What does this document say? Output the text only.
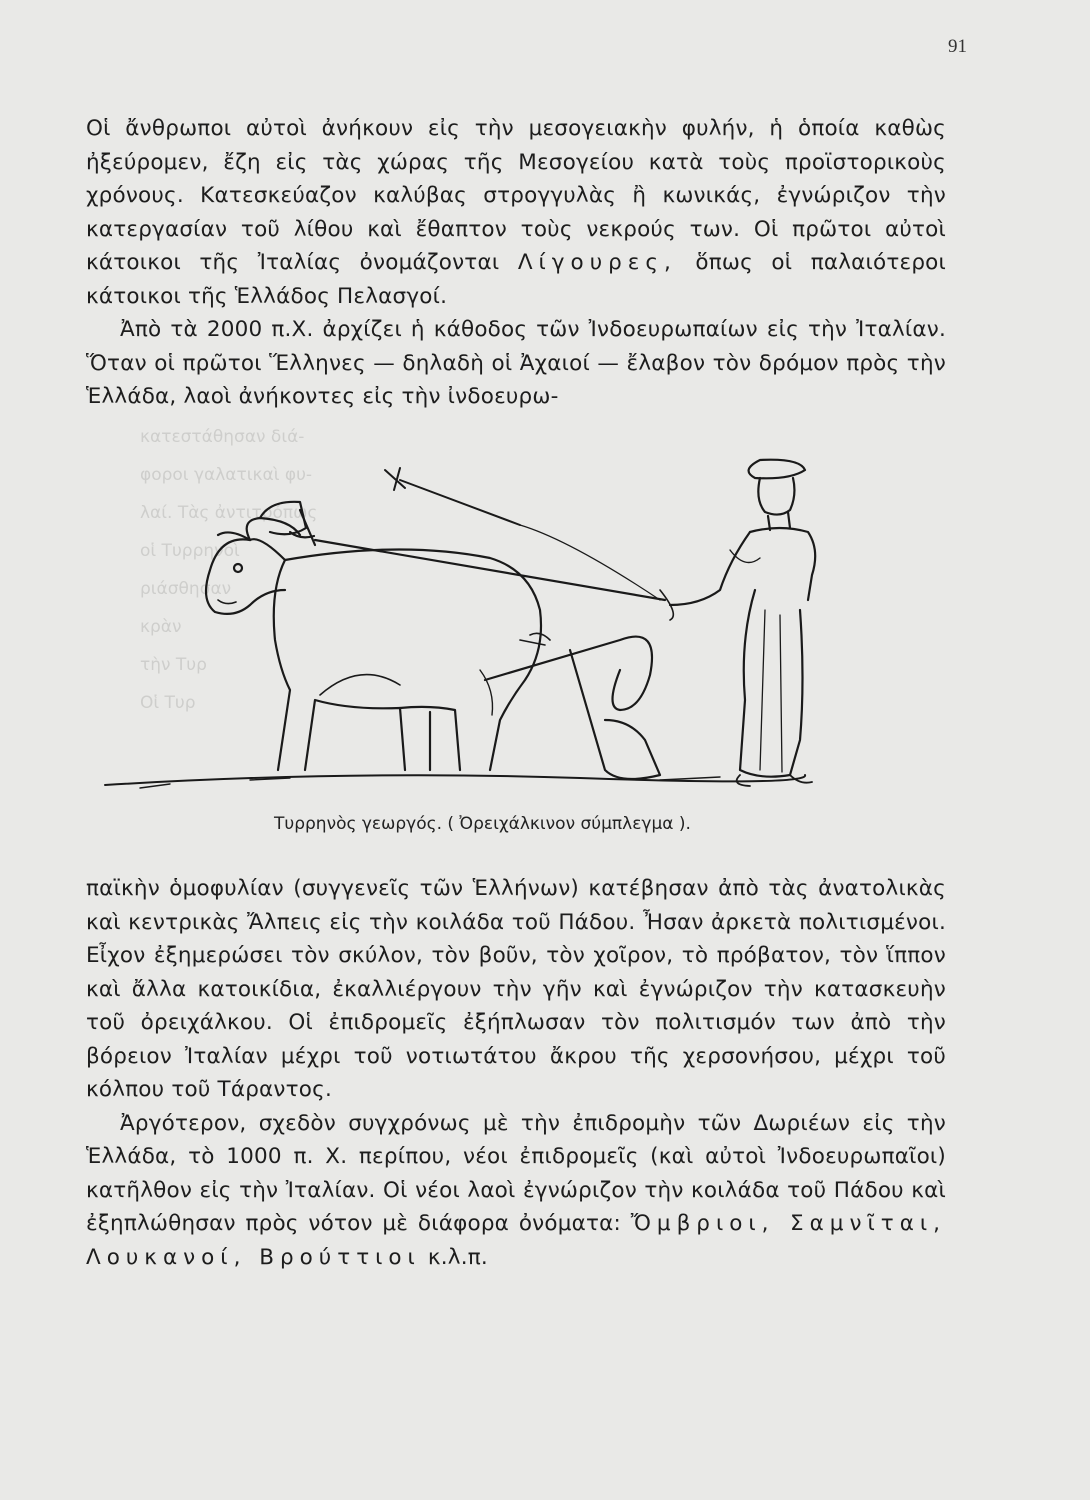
91
κατεστάθησαν διά-
φοροι γαλατικαὶ φυ-
λαί. Τὰς ἀντιτρόπως
οἱ Τυρρηνοὶ
ριάσθησαν
κρὰν
τὴν Τυρ
Οἱ Τυρ

Οἱ ἄνθρωποι αὐτοὶ ἀνήκουν εἰς τὴν μεσογειακὴν φυλήν, ἡ ὁποία καθὼς ἠξεύρομεν, ἔζη εἰς τὰς χώρας τῆς Μεσογείου κατὰ τοὺς προϊστορικοὺς χρόνους. Κατεσκεύαζον καλύβας στρογγυλὰς ἢ κωνικάς, ἐγνώριζον τὴν κατεργασίαν τοῦ λίθου καὶ ἔθαπτον τοὺς νεκρούς των. Οἱ πρῶτοι αὐτοὶ κάτοικοι τῆς Ἰταλίας ὀνομάζονται Λίγουρες, ὅπως οἱ παλαιότεροι κάτοικοι τῆς Ἑλλάδος Πελασγοί.

Ἀπὸ τὰ 2000 π.Χ. ἀρχίζει ἡ κάθοδος τῶν Ἰνδοευρωπαίων εἰς τὴν Ἰταλίαν. Ὅταν οἱ πρῶτοι Ἕλληνες — δηλαδὴ οἱ Ἀχαιοί — ἔλαβον τὸν δρόμον πρὸς τὴν Ἑλλάδα, λαοὶ ἀνήκοντες εἰς τὴν ἰνδοευρω-

Τυρρηνὸς γεωργός. ( Ὀρειχάλκινον σύμπλεγμα ).

παϊκὴν ὁμοφυλίαν (συγγενεῖς τῶν Ἑλλήνων) κατέβησαν ἀπὸ τὰς ἀνατολικὰς καὶ κεντρικὰς Ἄλπεις εἰς τὴν κοιλάδα τοῦ Πάδου. Ἦσαν ἀρκετὰ πολιτισμένοι. Εἶχον ἐξημερώσει τὸν σκύλον, τὸν βοῦν, τὸν χοῖρον, τὸ πρόβατον, τὸν ἵππον καὶ ἄλλα κατοικίδια, ἐκαλλιέργουν τὴν γῆν καὶ ἐγνώριζον τὴν κατασκευὴν τοῦ ὀρειχάλκου. Οἱ ἐπιδρομεῖς ἐξήπλωσαν τὸν πολιτισμόν των ἀπὸ τὴν βόρειον Ἰταλίαν μέχρι τοῦ νοτιωτάτου ἄκρου τῆς χερσονήσου, μέχρι τοῦ κόλπου τοῦ Τάραντος.

Ἀργότερον, σχεδὸν συγχρόνως μὲ τὴν ἐπιδρομὴν τῶν Δωριέων εἰς τὴν Ἑλλάδα, τὸ 1000 π. Χ. περίπου, νέοι ἐπιδρομεῖς (καὶ αὐτοὶ Ἰνδοευρωπαῖοι) κατῆλθον εἰς τὴν Ἰταλίαν. Οἱ νέοι λαοὶ ἐγνώριζον τὴν κοιλάδα τοῦ Πάδου καὶ ἐξηπλώθησαν πρὸς νότον μὲ διάφορα ὀνόματα: Ὄμβριοι, Σαμνῖται, Λουκανοί, Βρούττιοι κ.λ.π.
